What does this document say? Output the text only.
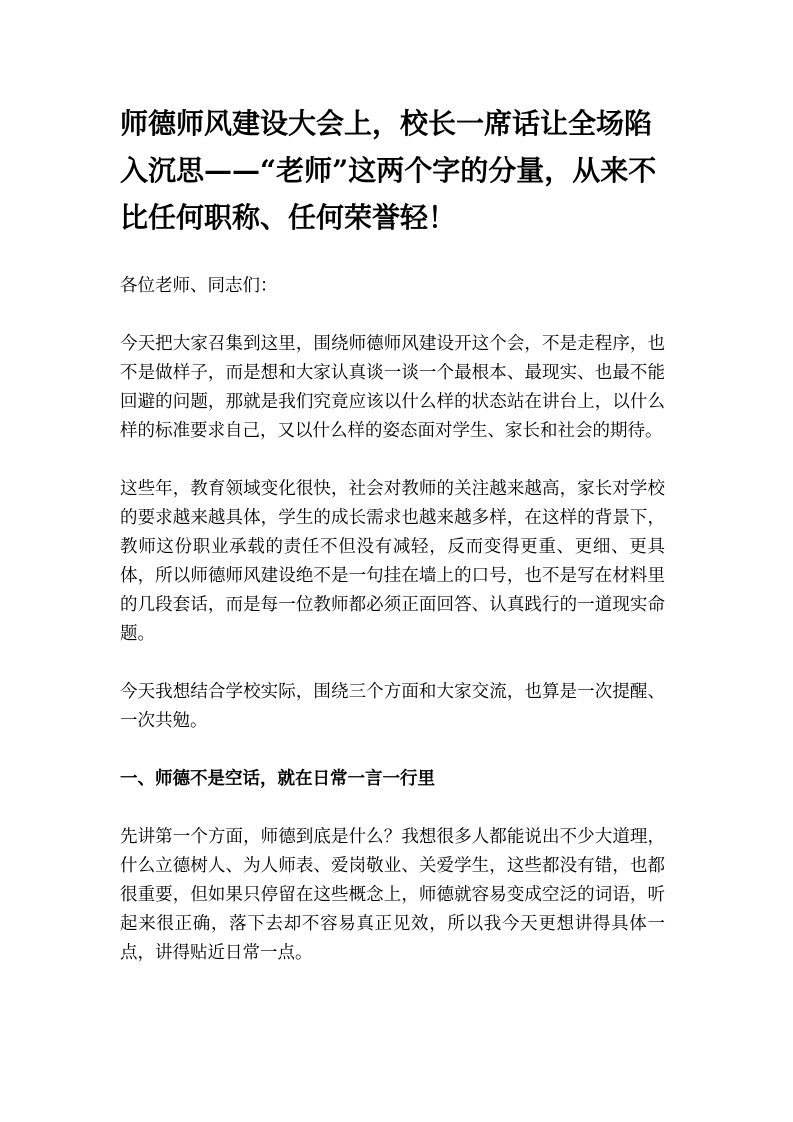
师德师风建设大会上，校长一席话让全场陷入沉思——“老师”这两个字的分量，从来不比任何职称、任何荣誉轻！

各位老师、同志们：

今天把大家召集到这里，围绕师德师风建设开这个会，不是走程序，也不是做样子，而是想和大家认真谈一谈一个最根本、最现实、也最不能回避的问题，那就是我们究竟应该以什么样的状态站在讲台上，以什么样的标准要求自己，又以什么样的姿态面对学生、家长和社会的期待。

这些年，教育领域变化很快，社会对教师的关注越来越高，家长对学校的要求越来越具体，学生的成长需求也越来越多样，在这样的背景下，教师这份职业承载的责任不但没有减轻，反而变得更重、更细、更具体，所以师德师风建设绝不是一句挂在墙上的口号，也不是写在材料里的几段套话，而是每一位教师都必须正面回答、认真践行的一道现实命题。

今天我想结合学校实际，围绕三个方面和大家交流，也算是一次提醒、一次共勉。

一、师德不是空话，就在日常一言一行里

先讲第一个方面，师德到底是什么？我想很多人都能说出不少大道理，什么立德树人、为人师表、爱岗敬业、关爱学生，这些都没有错，也都很重要，但如果只停留在这些概念上，师德就容易变成空泛的词语，听起来很正确，落下去却不容易真正见效，所以我今天更想讲得具体一点，讲得贴近日常一点。
